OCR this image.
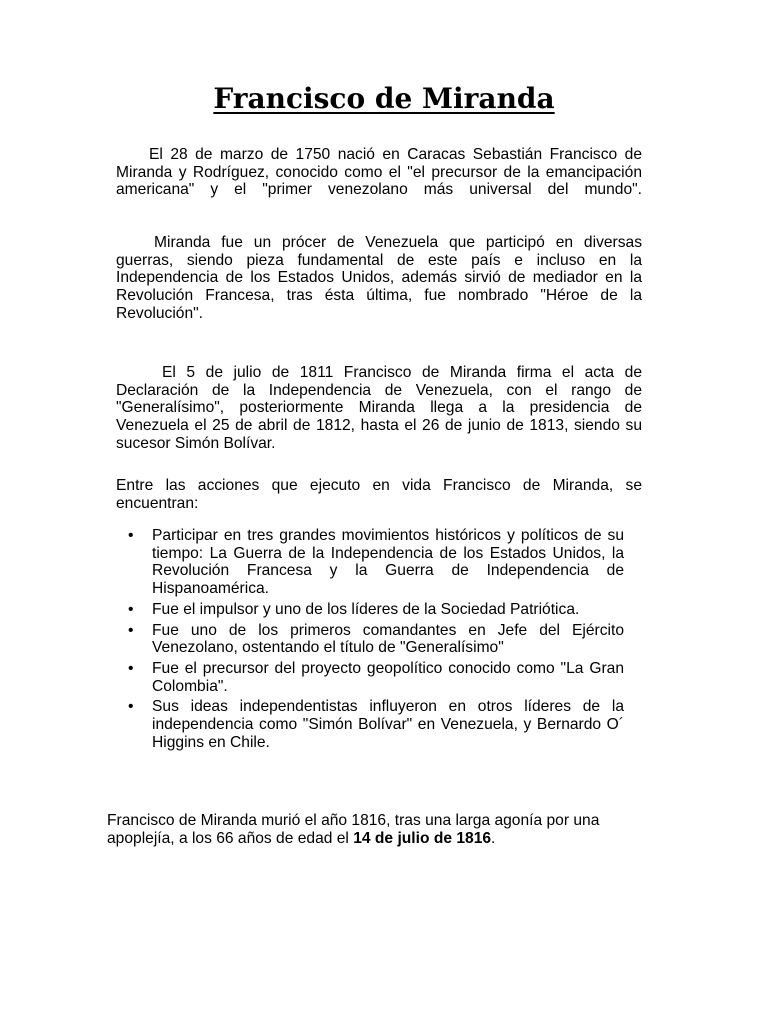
Francisco de Miranda

El 28 de marzo de 1750 nació en Caracas Sebastián Francisco de Miranda y Rodríguez, conocido como el "el precursor de la emancipación americana" y el "primer venezolano más universal del mundo".

Miranda fue un prócer de Venezuela que participó en diversas guerras, siendo pieza fundamental de este país e incluso en la Independencia de los Estados Unidos, además sirvió de mediador en la Revolución Francesa, tras ésta última, fue nombrado "Héroe de la Revolución".

El 5 de julio de 1811 Francisco de Miranda firma el acta de Declaración de la Independencia de Venezuela, con el rango de "Generalísimo", posteriormente Miranda llega a la presidencia de Venezuela el 25 de abril de 1812, hasta el 26 de junio de 1813, siendo su sucesor Simón Bolívar.

Entre las acciones que ejecuto en vida Francisco de Miranda, se encuentran:

• Participar en tres grandes movimientos históricos y políticos de su tiempo: La Guerra de la Independencia de los Estados Unidos, la Revolución Francesa y la Guerra de Independencia de Hispanoamérica.
• Fue el impulsor y uno de los líderes de la Sociedad Patriótica.
• Fue uno de los primeros comandantes en Jefe del Ejército Venezolano, ostentando el título de "Generalísimo"
• Fue el precursor del proyecto geopolítico conocido como "La Gran Colombia".
• Sus ideas independentistas influyeron en otros líderes de la independencia como "Simón Bolívar" en Venezuela, y Bernardo O´ Higgins en Chile.

Francisco de Miranda murió el año 1816, tras una larga agonía por una apoplejía, a los 66 años de edad el 14 de julio de 1816.
